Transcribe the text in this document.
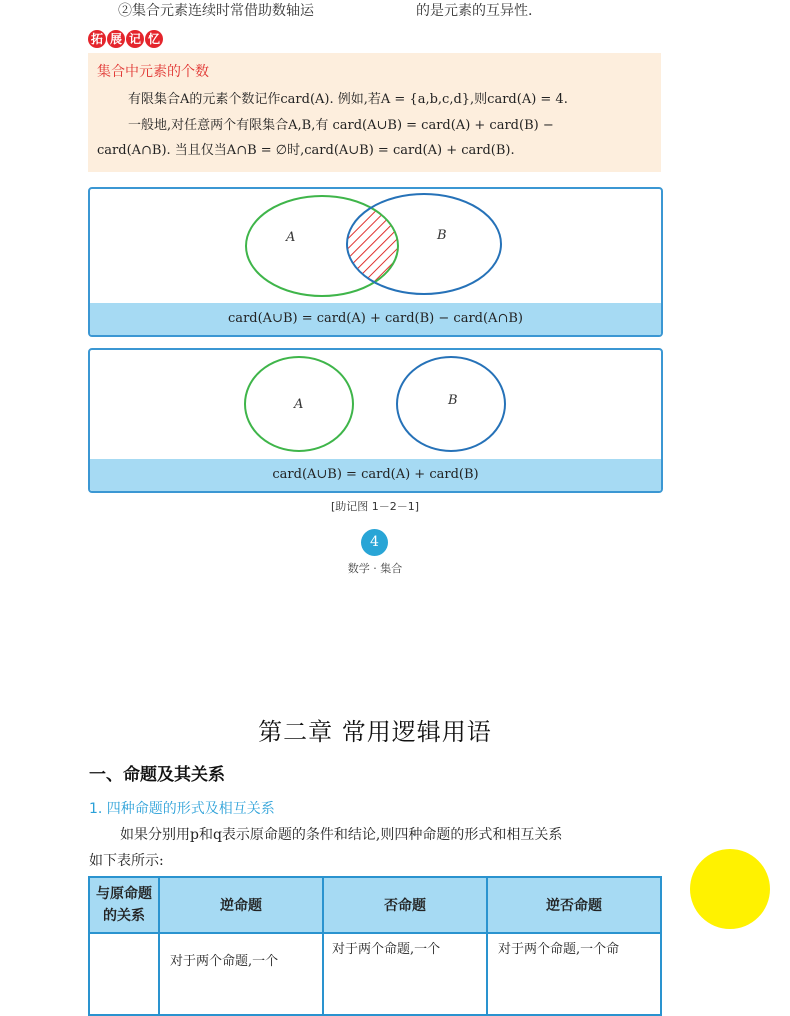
②集合元素连续时常借助数轴运	的是元素的互异性.
拓 展 记 忆
集合中元素的个数
有限集合A的元素个数记作card(A). 例如,若A = {a,b,c,d},则card(A) = 4.
一般地,对任意两个有限集合A,B,有 card(A∪B) = card(A) + card(B) −
card(A∩B). 当且仅当A∩B = ∅时,card(A∪B) = card(A) + card(B).
A	B
card(A∪B) = card(A) + card(B) − card(A∩B)
A	B
card(A∪B) = card(A) + card(B)
[助记图 1－2－1]
4
数学 · 集合
第二章 常用逻辑用语
一、命题及其关系
1. 四种命题的形式及相互关系
如果分别用p和q表示原命题的条件和结论,则四种命题的形式和相互关系
如下表所示:
与原命题
的关系	逆命题	否命题	逆否命题
	对于两个命题,一个	对于两个命题,一个	对于两个命题,一个命
